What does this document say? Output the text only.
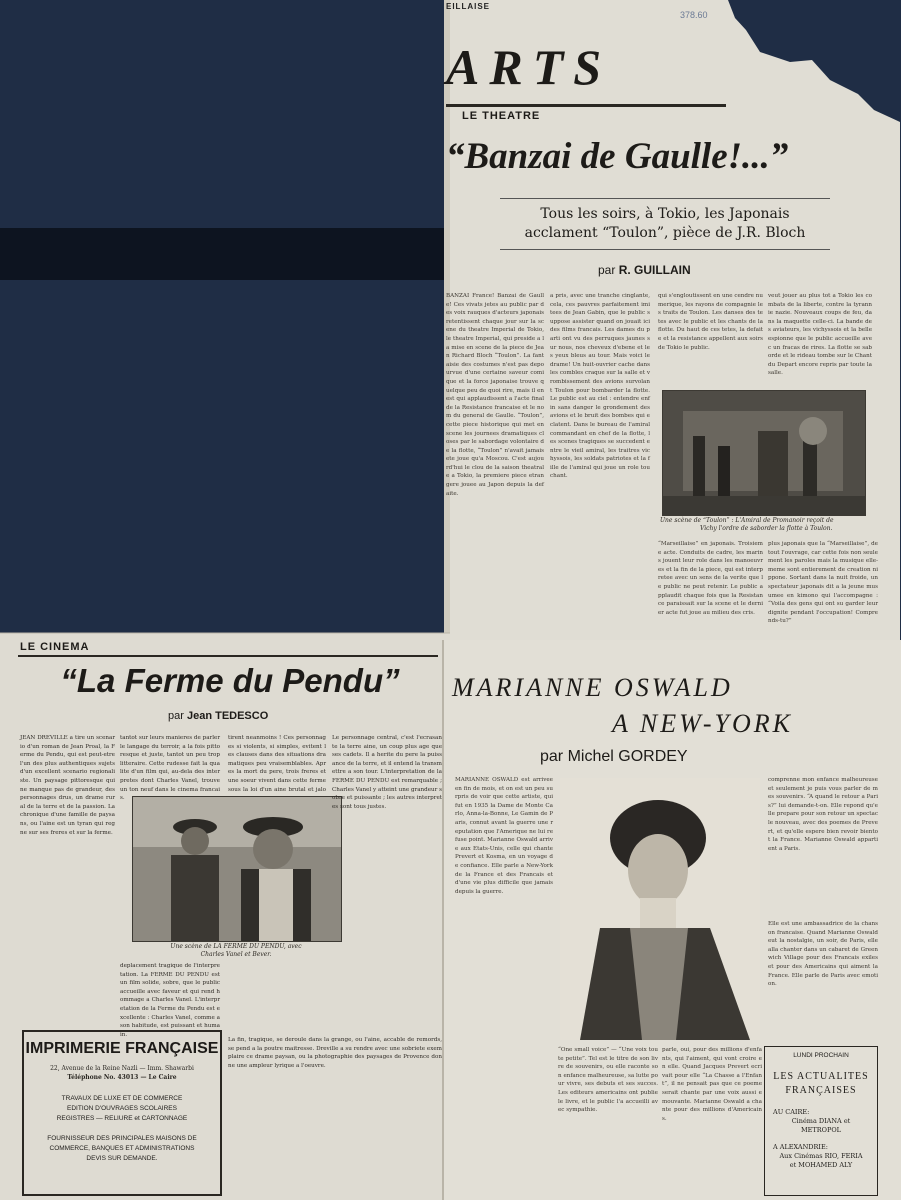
EILLAISE
378.60
ARTS
LE THEATRE
“Banzai de Gaulle!...”
Tous les soirs, à Tokio, les Japonais
acclament “Toulon”, pièce de J.R. Bloch
par R. GUILLAIN
BANZAI France! Banzai de Gaulle! Ces vivats jetes au public par des voix rauques d'acteurs japonais retentissent chaque jour sur la scene du theatre Imperial de Tokio, le theatre Imperial, qui preside a la mise en scene de la piece de Jean Richard Bloch “Toulon”. La fantaisie des costumes n'est pas depourvue d'une certaine saveur comique et la force japonaise trouve quelque peu de quoi rire, mais il en est qui applaudissent a l'acte final de la Resistance francaise et le nom du general de Gaulle. “Toulon”, cette piece historique qui met en scene les journees dramatiques closes par le sabordage volontaire de la flotte, “Toulon” n'avait jamais ete joue qu'a Moscou. C'est aujourd'hui le clou de la saison theatrale a Tokio, la premiere piece etrangere jouee au Japon depuis la defaite.
a pris, avec une tranche cinglante, cela, ces pauvres parfaitement imitees de Jean Gabin, que le public suppose assister quand on jouait ici des films francais. Les dames du parti ont vu des perruques jaunes sur nous, nos cheveux d'ebene et les yeux bleus au tour. Mais voici le drame! Un huit-ouvrier cache dans les combles craque sur la salle et vrombissement des avions survolant Toulon pour bombarder la flotte. Le public est au ciel : entendre enfin sans danger le grondement des avions et le bruit des bombes qui eclatent. Dans le bureau de l'amiral commandant en chef de la flotte, les scenes tragiques se succedent entre le vieil amiral, les traitres vichyssois, les soldats patriotes et la fille de l'amiral qui joue un role touchant.
qui s'engloutissent en une cendre numerique, les rayons de compagnie les traits de Toulon. Les danses des tetes avec le public et les chants de la flotte. Du haut de ces tetes, la defaite et la resistance appellent aux soirs de Tokio le public.
veut jouer au plus tot a Tokio les combats de la liberte, contre la tyrannie nazie. Nouveaux coups de feu, dans la maquette celle-ci. La bande des aviateurs, les vichyssois et la belle espionne que le public accueille avec un fracas de rires. La flotte se saborde et le rideau tombe sur le Chant du Depart encore repris par toute la salle.
Une scène de “Toulon” : L'Amiral de Promanoir reçoit de
Vichy l'ordre de saborder la flotte à Toulon.
“Marseillaise” en japonais. Troisieme acte. Conduits de cadre, les marins jouent leur role dans les manoeuvres et la fin de la piece, qui est interpretee avec un sens de la verite que le public ne peut retenir. Le public applaudit chaque fois que la Resistance paraissait sur la scene et le dernier acte fut joue au milieu des cris.
plus japonais que la “Marseillaise”, de tout l'ouvrage, car cette fois non seulement les paroles mais la musique elle-meme sont entierement de creation nippone. Sortant dans la nuit froide, un spectateur japonais dit a la jeune musumee en kimono qui l'accompagne : “Voila des gens qui ont su garder leur dignite pendant l'occupation! Comprends-tu?”
LE CINEMA
“La Ferme du Pendu”
par Jean TEDESCO
JEAN DREVILLE a tire un scenario d'un roman de Jean Proal, la Ferme du Pendu, qui est peut-etre l'un des plus authentiques sujets d'un excellent scenario regionaliste. Un paysage pittoresque qui ne manque pas de grandeur, des personnages drus, un drame rural de la terre et de la passion. La chronique d'une famille de paysans, ou l'aine est un tyran qui regne sur ses freres et sur la ferme.
tantot sur leurs manieres de parler le langage du terroir, a la fois pittoresque et juste, tantot un peu trop litteraire. Cette rudesse fait la qualite d'un film qui, au-dela des interpretes dont Charles Vanel, trouve un ton neuf dans le cinema francais.
tirent neanmoins ! Ces personnages si violents, si simples, evitent les clauses dans des situations dramatiques peu vraisemblables. Apres la mort du pere, trois freres et une soeur vivent dans cette ferme sous la loi d'un aine brutal et jalo
Une scène de LA FERME DU PENDU, avec
Charles Vanel et Bever.
deplacement tragique de l'interpretation. La FERME DU PENDU est un film solide, sobre, que le public accueille avec faveur et qui rend hommage a Charles Vanel. L'interpretation de la Ferme du Pendu est excellente : Charles Vanel, comme a son habitude, est puissant et humain.
Le personnage central, c'est l'ecrasante la terre aine, un coup plus age que ses cadets. Il a herite du pere la puissance de la terre, et il entend la transmettre a son tour. L'interpretation de la FERME DU PENDU est remarquable ; Charles Vanel y atteint une grandeur sobre et puissante ; les autres interpretes sont tous justes.
La fin, tragique, se deroule dans la grange, ou l'aine, accable de remords, se pend a la poutre maitresse. Dreville a su rendre avec une sobriete exemplaire ce drame paysan, ou la photographie des paysages de Provence donne une ampleur lyrique a l'oeuvre.
IMPRIMERIE FRANÇAISE
22, Avenue de la Reine Nazli — Imm. Shawarbi
Téléphone No. 43013 — Le Caire
TRAVAUX DE LUXE ET DE COMMERCE
EDITION D'OUVRAGES SCOLAIRES
REGISTRES — RELIURE et CARTONNAGE
FOURNISSEUR DES PRINCIPALES MAISONS DE
COMMERCE, BANQUES ET ADMINISTRATIONS
DEVIS SUR DEMANDE.
MARIANNE OSWALD
A NEW-YORK
par Michel GORDEY
MARIANNE OSWALD est arrivee en fin de mois, et on est un peu surpris de voir que cette artiste, qui fut en 1935 la Dame de Monte Carlo, Anna-la-Bonne, Le Gamin de Paris, connut avant la guerre une reputation que l'Amerique ne lui refuse point. Marianne Oswald arrive aux Etats-Unis, celle qui chante Prevert et Kosma, en un voyage de confiance. Elle parle a New-York de la France et des Francais et d'une vie plus difficile que jamais depuis la guerre.
“One small voice” — “Une voix toute petite”. Tel est le titre de son livre de souvenirs, ou elle raconte son enfance malheureuse, sa lutte pour vivre, ses debuts et ses succes. Les editeurs americains ont publie le livre, et le public l'a accueilli avec sympathie.
parle, oui, pour des millions d'enfants, qui l'aiment, qui vont croire en elle. Quand Jacques Prevert ecrivait pour elle “La Chasse a l'Enfant”, il ne pensait pas que ce poeme serait chante par une voix aussi emouvante. Marianne Oswald a chante pour des millions d'Americains.
comprenne mon enfance malheureuse et seulement je puis vous parler de mes souvenirs. “A quand le retour a Paris?” lui demande-t-on. Elle repond qu'elle prepare pour son retour un spectacle nouveau, avec des poemes de Prevert, et qu'elle espere bien revoir bientot la France. Marianne Oswald appartient a Paris.
Elle est une ambassadrice de la chanson francaise. Quand Marianne Oswald eut la nostalgie, un soir, de Paris, elle alla chanter dans un cabaret de Greenwich Village pour des Francais exiles et pour des Americains qui aiment la France. Elle parle de Paris avec emotion.
LUNDI PROCHAIN
LES ACTUALITES
FRANÇAISES
AU CAIRE:
Cinéma DIANA et
METROPOL
A ALEXANDRIE:
Aux Cinémas RIO, FERIA
et MOHAMED ALY
